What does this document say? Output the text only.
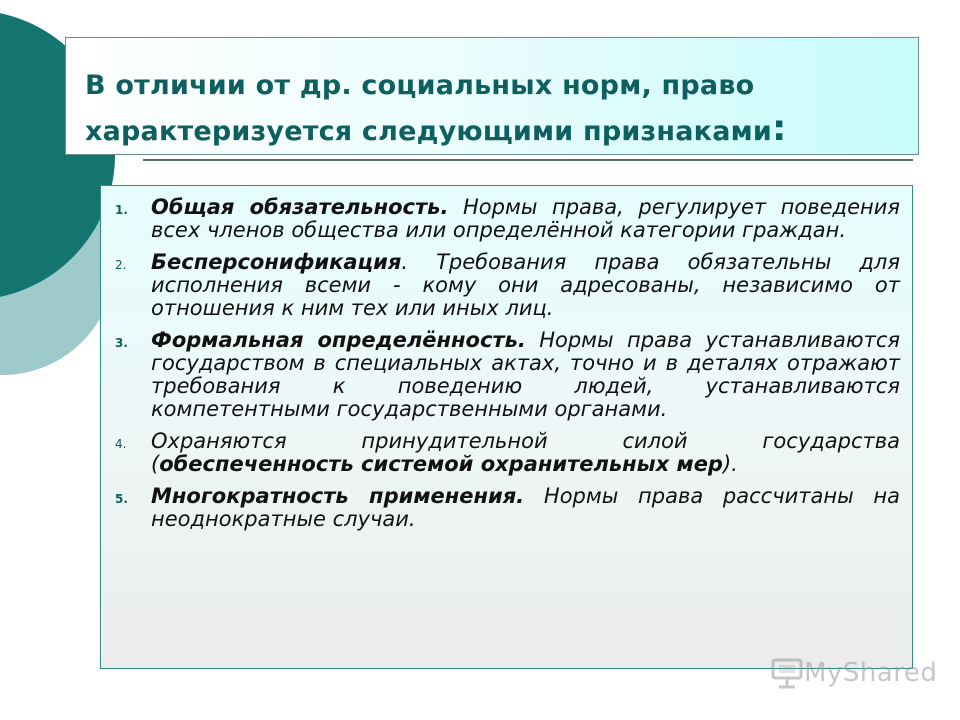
В отличии от др. социальных норм, право характеризуется следующими признаками:
1. Общая обязательность. Нормы права, регулирует поведения всех членов общества или определённой категории граждан.
2. Бесперсонификация. Требования права обязательны для исполнения всеми - кому они адресованы, независимо от отношения к ним тех или иных лиц.
3. Формальная определённость. Нормы права устанавливаются государством в специальных актах, точно и в деталях отражают требования к поведению людей, устанавливаются компетентными государственными органами.
4. Охраняются принудительной силой государства (обеспеченность системой охранительных мер).
5. Многократность применения. Нормы права рассчитаны на неоднократные случаи.
MyShared
